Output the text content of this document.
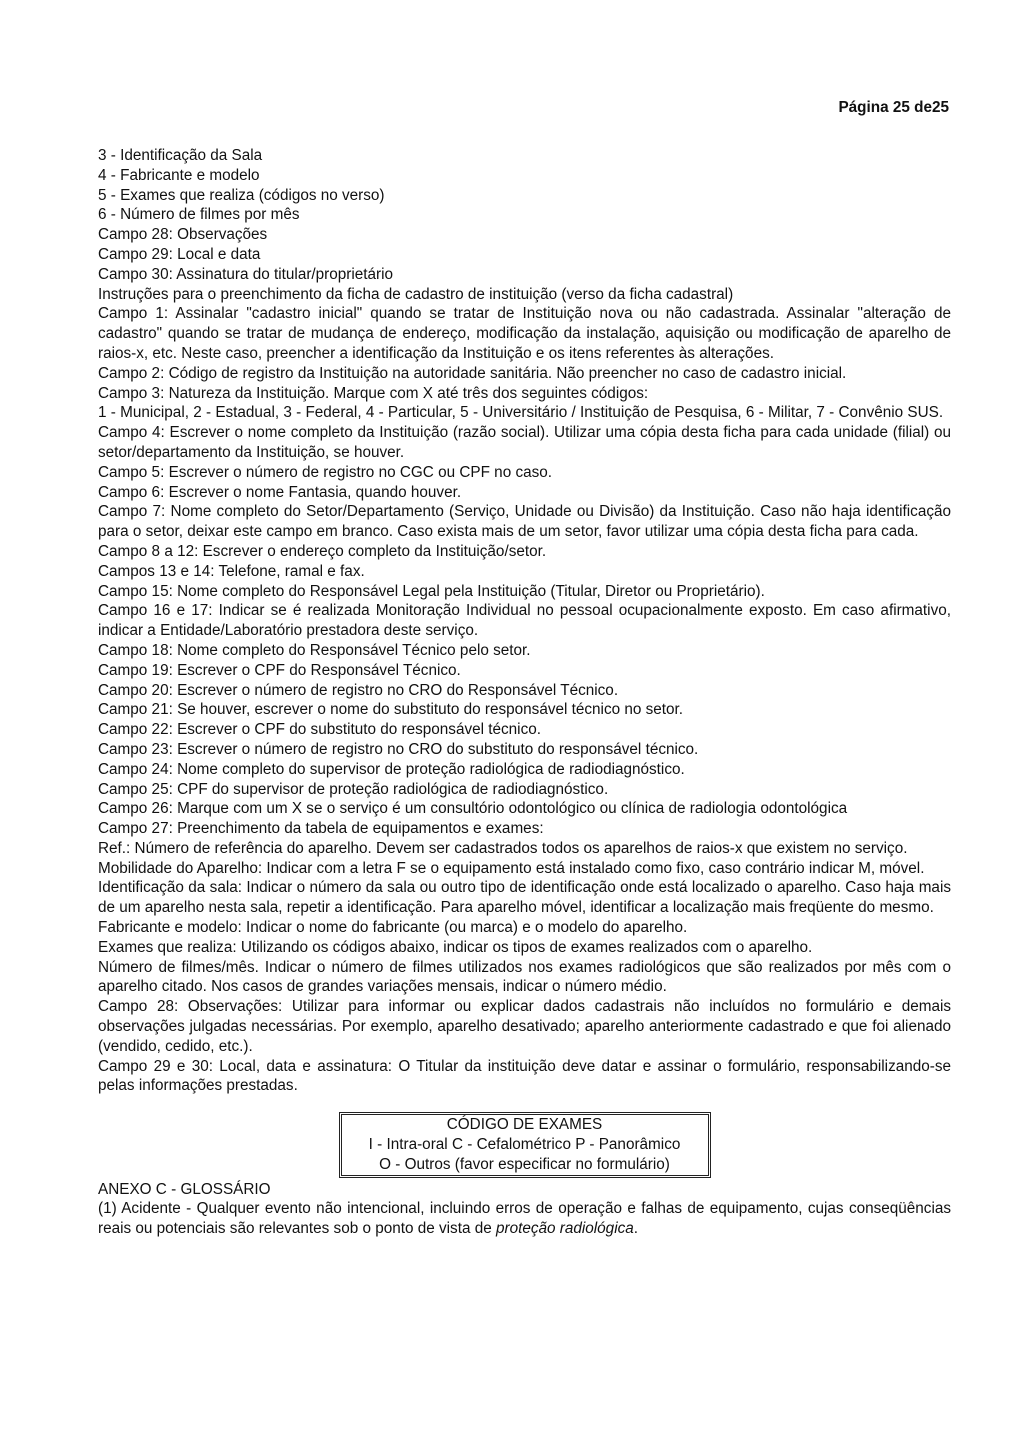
Página 25 de25

3 - Identificação da Sala

4 - Fabricante e modelo

5 - Exames que realiza (códigos no verso)

6 - Número de filmes por mês

Campo 28: Observações

Campo 29: Local e data

Campo 30: Assinatura do titular/proprietário

Instruções para o preenchimento da ficha de cadastro de instituição (verso da ficha cadastral)

Campo 1: Assinalar "cadastro inicial" quando se tratar de Instituição nova ou não cadastrada. Assinalar "alteração de cadastro" quando se tratar de mudança de endereço, modificação da instalação, aquisição ou modificação de aparelho de raios-x, etc. Neste caso, preencher a identificação da Instituição e os itens referentes às alterações.

Campo 2: Código de registro da Instituição na autoridade sanitária. Não preencher no caso de cadastro inicial.

Campo 3: Natureza da Instituição. Marque com X até três dos seguintes códigos:

1 - Municipal, 2 - Estadual, 3 - Federal, 4 - Particular, 5 - Universitário / Instituição de Pesquisa, 6 - Militar, 7 - Convênio SUS.

Campo 4: Escrever o nome completo da Instituição (razão social). Utilizar uma cópia desta ficha para cada unidade (filial) ou setor/departamento da Instituição, se houver.

Campo 5: Escrever o número de registro no CGC ou CPF no caso.

Campo 6: Escrever o nome Fantasia, quando houver.

Campo 7: Nome completo do Setor/Departamento (Serviço, Unidade ou Divisão) da Instituição. Caso não haja identificação para o setor, deixar este campo em branco. Caso exista mais de um setor, favor utilizar uma cópia desta ficha para cada.

Campo 8 a 12: Escrever o endereço completo da Instituição/setor.

Campos 13 e 14: Telefone, ramal e fax.

Campo 15: Nome completo do Responsável Legal pela Instituição (Titular, Diretor ou Proprietário).

Campo 16 e 17: Indicar se é realizada Monitoração Individual no pessoal ocupacionalmente exposto. Em caso afirmativo, indicar a Entidade/Laboratório prestadora deste serviço.

Campo 18: Nome completo do Responsável Técnico pelo setor.

Campo 19: Escrever o CPF do Responsável Técnico.

Campo 20: Escrever o número de registro no CRO do Responsável Técnico.

Campo 21: Se houver, escrever o nome do substituto do responsável técnico no setor.

Campo 22: Escrever o CPF do substituto do responsável técnico.

Campo 23: Escrever o número de registro no CRO do substituto do responsável técnico.

Campo 24: Nome completo do supervisor de proteção radiológica de radiodiagnóstico.

Campo 25: CPF do supervisor de proteção radiológica de radiodiagnóstico.

Campo 26: Marque com um X se o serviço é um consultório odontológico ou clínica de radiologia odontológica

Campo 27: Preenchimento da tabela de equipamentos e exames:

Ref.: Número de referência do aparelho. Devem ser cadastrados todos os aparelhos de raios-x que existem no serviço.

Mobilidade do Aparelho: Indicar com a letra F se o equipamento está instalado como fixo, caso contrário indicar M, móvel.

Identificação da sala: Indicar o número da sala ou outro tipo de identificação onde está localizado o aparelho. Caso haja mais de um aparelho nesta sala, repetir a identificação. Para aparelho móvel, identificar a localização mais freqüente do mesmo.

Fabricante e modelo: Indicar o nome do fabricante (ou marca) e o modelo do aparelho.

Exames que realiza: Utilizando os códigos abaixo, indicar os tipos de exames realizados com o aparelho.

Número de filmes/mês. Indicar o número de filmes utilizados nos exames radiológicos que são realizados por mês com o aparelho citado. Nos casos de grandes variações mensais, indicar o número médio.

Campo 28: Observações: Utilizar para informar ou explicar dados cadastrais não incluídos no formulário e demais observações julgadas necessárias. Por exemplo, aparelho desativado; aparelho anteriormente cadastrado e que foi alienado (vendido, cedido, etc.).

Campo 29 e 30: Local, data e assinatura: O Titular da instituição deve datar e assinar o formulário, responsabilizando-se pelas informações prestadas.

CÓDIGO DE EXAMES
I - Intra-oral C - Cefalométrico P - Panorâmico
O - Outros (favor especificar no formulário)

ANEXO C - GLOSSÁRIO

(1) Acidente - Qualquer evento não intencional, incluindo erros de operação e falhas de equipamento, cujas conseqüências reais ou potenciais são relevantes sob o ponto de vista de proteção radiológica.
